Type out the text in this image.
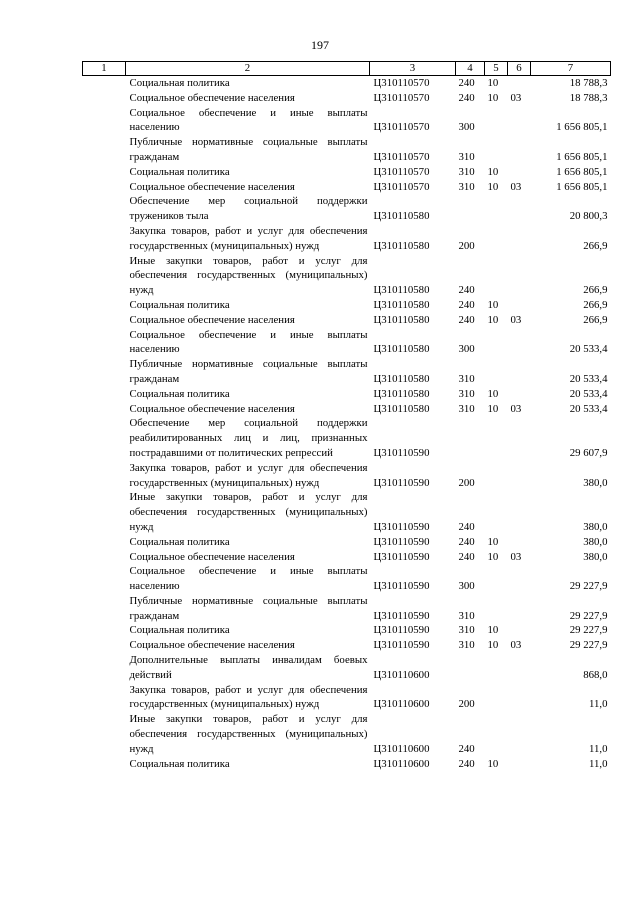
197
1	2	3	4	5	6	7
	Социальная политика	Ц310110570	240	10		18 788,3
	Социальное обеспечение населения	Ц310110570	240	10	03	18 788,3
	Социальное обеспечение и иные выплаты населению	Ц310110570	300			1 656 805,1
	Публичные нормативные социальные выплаты гражданам	Ц310110570	310			1 656 805,1
	Социальная политика	Ц310110570	310	10		1 656 805,1
	Социальное обеспечение населения	Ц310110570	310	10	03	1 656 805,1
	Обеспечение мер социальной поддержки тружеников тыла	Ц310110580				20 800,3
	Закупка товаров, работ и услуг для обеспечения государственных (муниципальных) нужд	Ц310110580	200			266,9
	Иные закупки товаров, работ и услуг для обеспечения государственных (муниципальных) нужд	Ц310110580	240			266,9
	Социальная политика	Ц310110580	240	10		266,9
	Социальное обеспечение населения	Ц310110580	240	10	03	266,9
	Социальное обеспечение и иные выплаты населению	Ц310110580	300			20 533,4
	Публичные нормативные социальные выплаты гражданам	Ц310110580	310			20 533,4
	Социальная политика	Ц310110580	310	10		20 533,4
	Социальное обеспечение населения	Ц310110580	310	10	03	20 533,4
	Обеспечение мер социальной поддержки реабилитированных лиц и лиц, признанных пострадавшими от политических репрессий	Ц310110590				29 607,9
	Закупка товаров, работ и услуг для обеспечения государственных (муниципальных) нужд	Ц310110590	200			380,0
	Иные закупки товаров, работ и услуг для обеспечения государственных (муниципальных) нужд	Ц310110590	240			380,0
	Социальная политика	Ц310110590	240	10		380,0
	Социальное обеспечение населения	Ц310110590	240	10	03	380,0
	Социальное обеспечение и иные выплаты населению	Ц310110590	300			29 227,9
	Публичные нормативные социальные выплаты гражданам	Ц310110590	310			29 227,9
	Социальная политика	Ц310110590	310	10		29 227,9
	Социальное обеспечение населения	Ц310110590	310	10	03	29 227,9
	Дополнительные выплаты инвалидам боевых действий	Ц310110600				868,0
	Закупка товаров, работ и услуг для обеспечения государственных (муниципальных) нужд	Ц310110600	200			11,0
	Иные закупки товаров, работ и услуг для обеспечения государственных (муниципальных) нужд	Ц310110600	240			11,0
	Социальная политика	Ц310110600	240	10		11,0
